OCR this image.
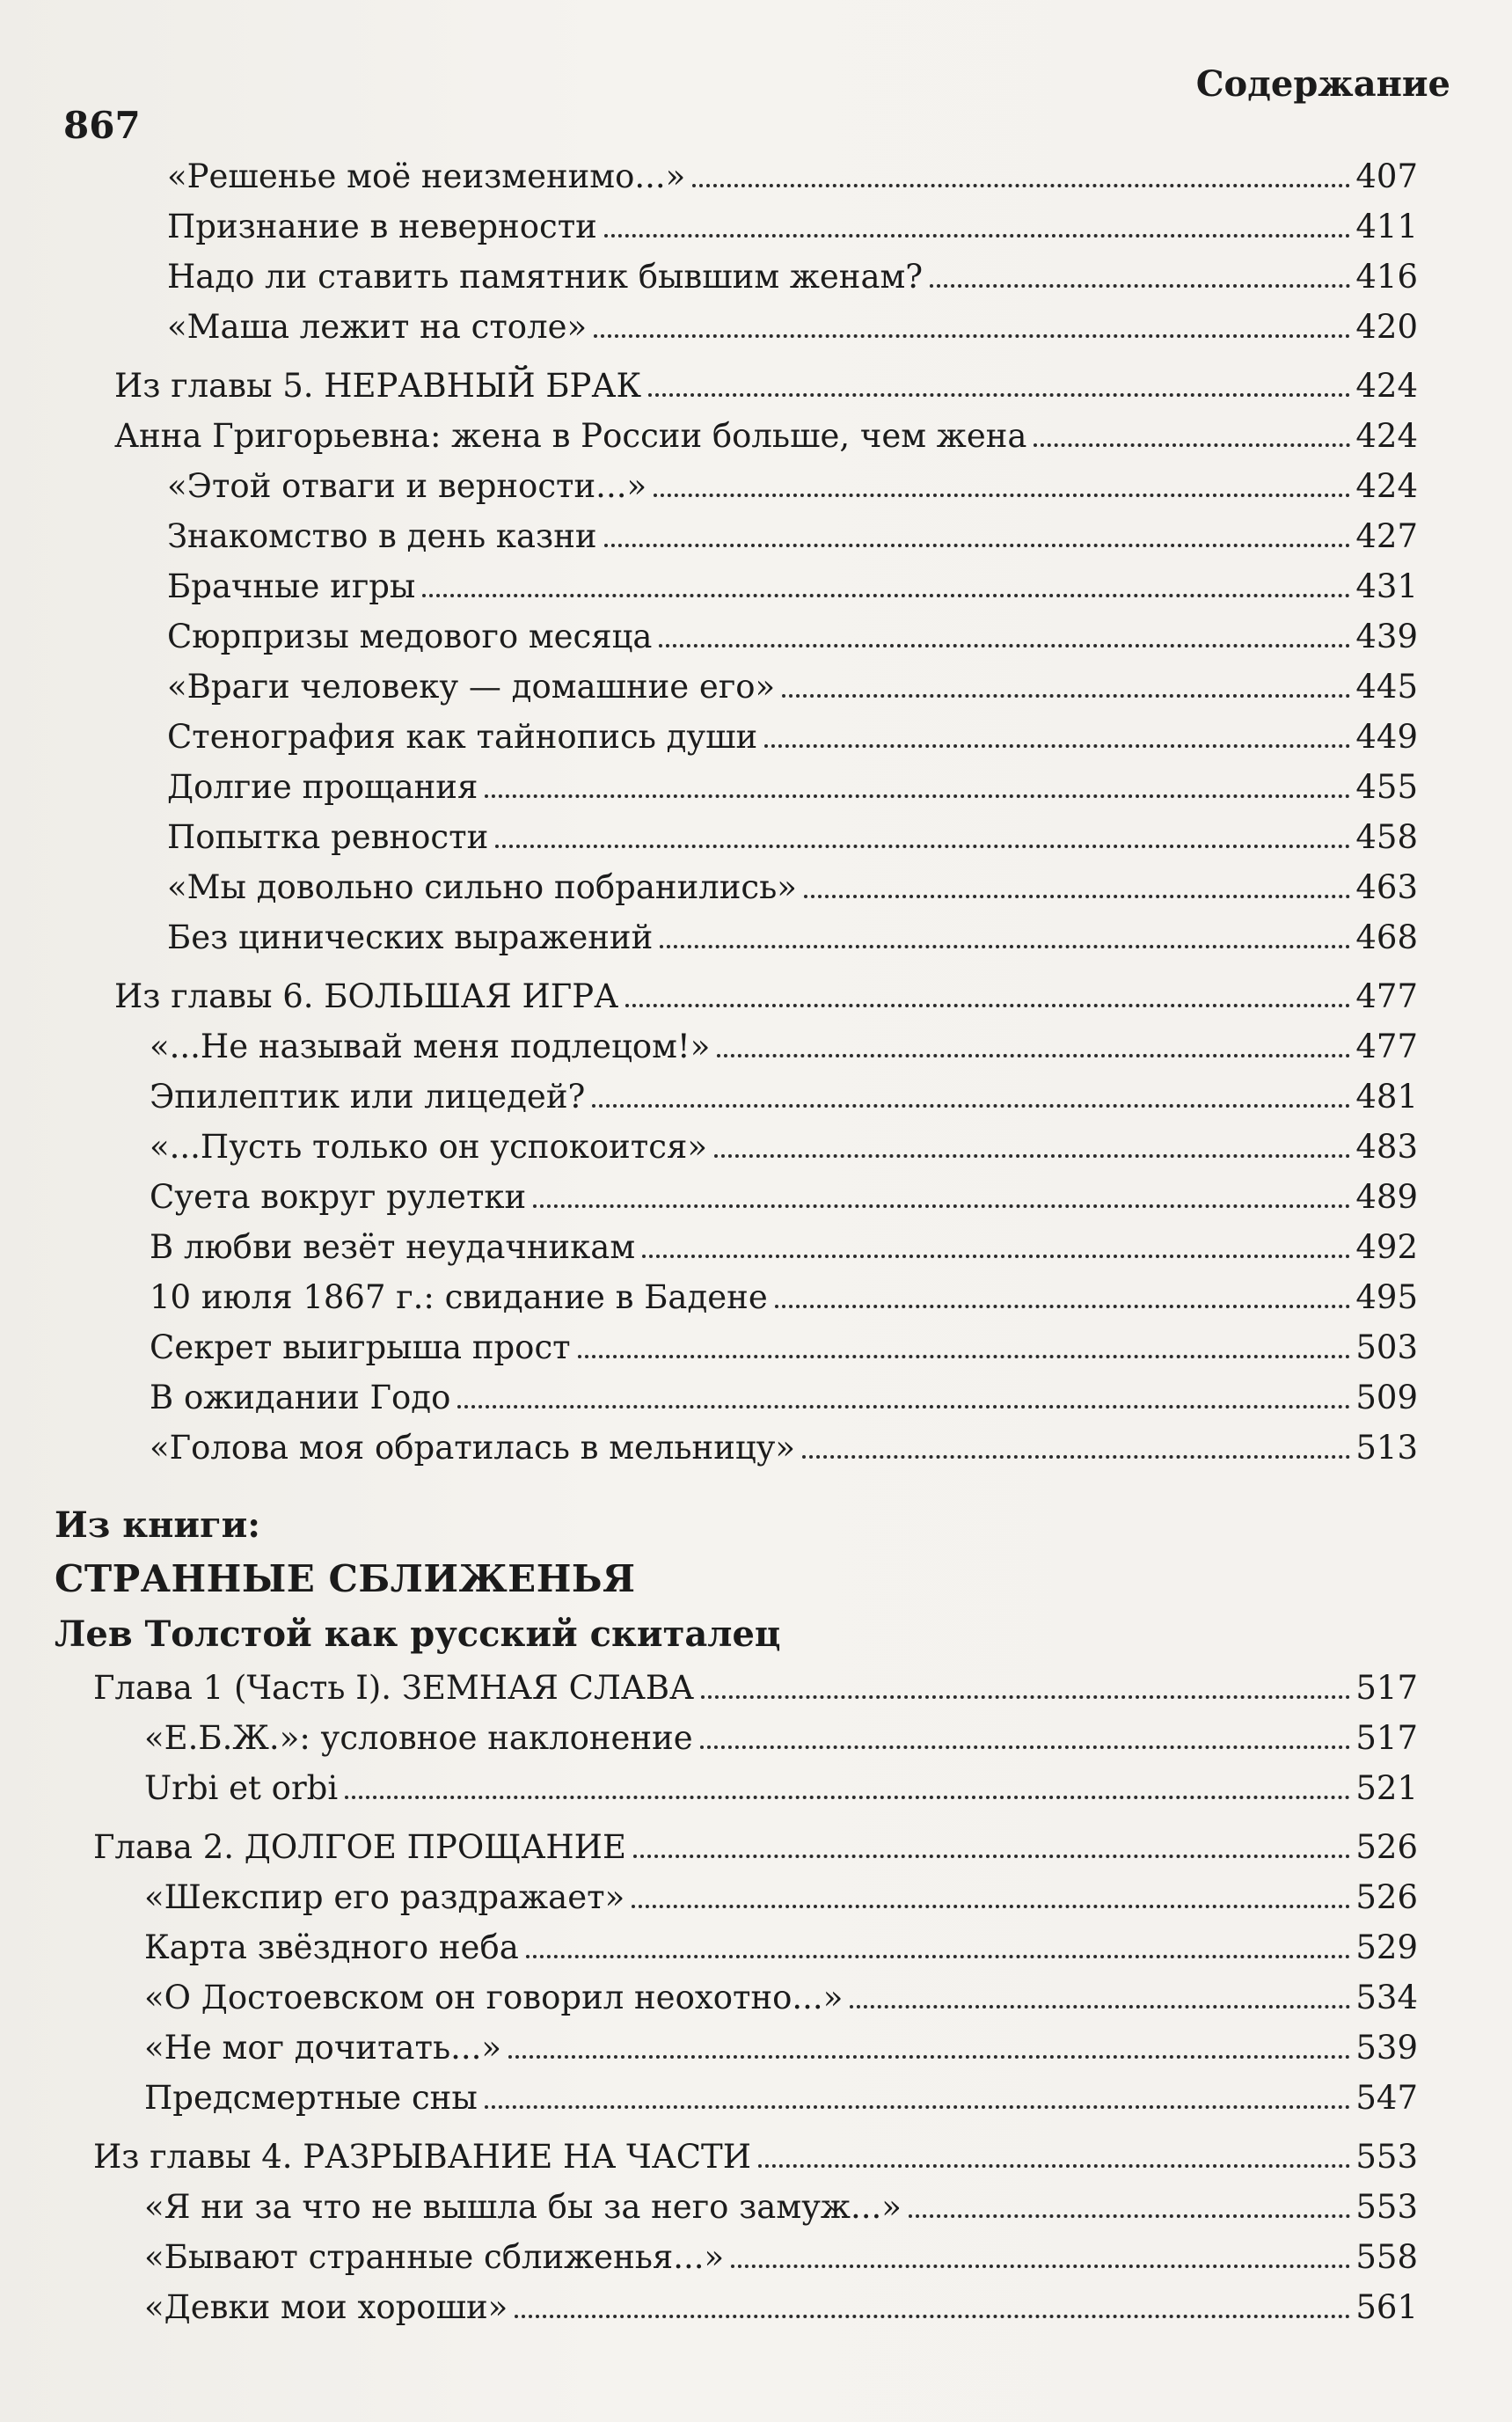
Содержание
867
«Решенье моё неизменимо...»	407
Признание в неверности	411
Надо ли ставить памятник бывшим женам?	416
«Маша лежит на столе»	420
Из главы 5. НЕРАВНЫЙ БРАК	424
Анна Григорьевна: жена в России больше, чем жена	424
«Этой отваги и верности...»	424
Знакомство в день казни	427
Брачные игры	431
Сюрпризы медового месяца	439
«Враги человеку — домашние его»	445
Стенография как тайнопись души	449
Долгие прощания	455
Попытка ревности	458
«Мы довольно сильно побранились»	463
Без цинических выражений	468
Из главы 6. БОЛЬШАЯ ИГРА	477
«...Не называй меня подлецом!»	477
Эпилептик или лицедей?	481
«...Пусть только он успокоится»	483
Суета вокруг рулетки	489
В любви везёт неудачникам	492
10 июля 1867 г.: свидание в Бадене	495
Секрет выигрыша прост	503
В ожидании Годо	509
«Голова моя обратилась в мельницу»	513
Из книги:
СТРАННЫЕ СБЛИЖЕНЬЯ
Лев Толстой как русский скиталец
Глава 1 (Часть I). ЗЕМНАЯ СЛАВА	517
«Е.Б.Ж.»: условное наклонение	517
Urbi et orbi	521
Глава 2. ДОЛГОЕ ПРОЩАНИЕ	526
«Шекспир его раздражает»	526
Карта звёздного неба	529
«О Достоевском он говорил неохотно...»	534
«Не мог дочитать...»	539
Предсмертные сны	547
Из главы 4. РАЗРЫВАНИЕ НА ЧАСТИ	553
«Я ни за что не вышла бы за него замуж...»	553
«Бывают странные сближенья...»	558
«Девки мои хороши»	561
